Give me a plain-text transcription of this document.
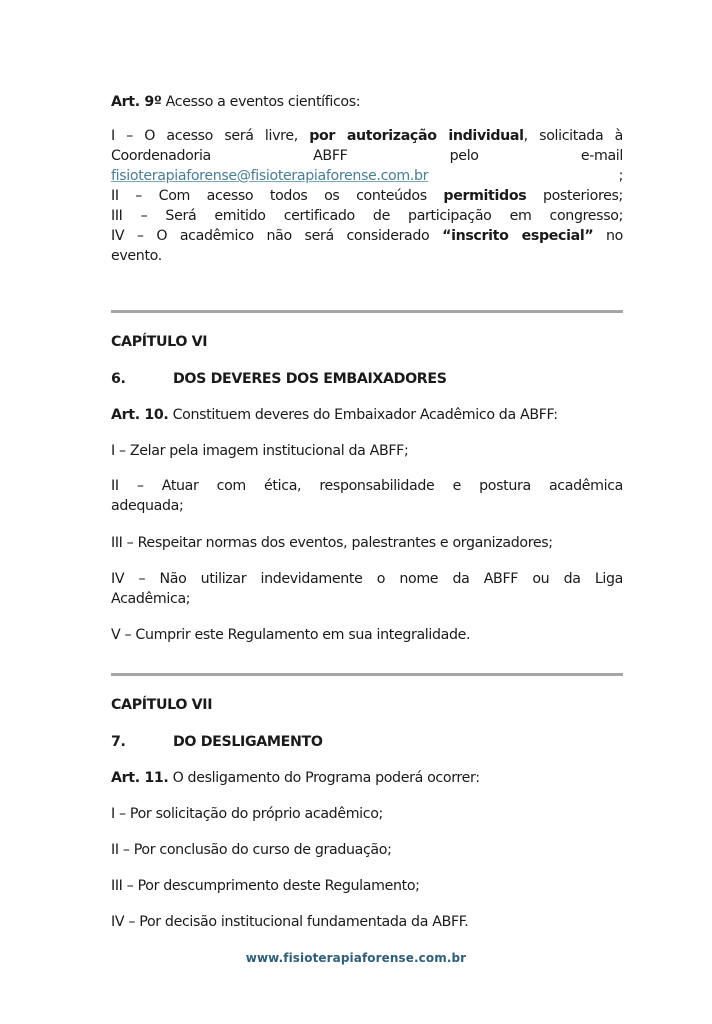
Art. 9º Acesso a eventos científicos:

I – O acesso será livre, por autorização individual, solicitada à

Coordenadoria	ABFF	pelo	e-mail
fisioterapiaforense@fisioterapiaforense.com.br	;

II – Com acesso todos os conteúdos permitidos posteriores;

III – Será emitido certificado de participação em congresso;

IV – O acadêmico não será considerado “inscrito especial” no

evento.

CAPÍTULO VI

6.	DOS DEVERES DOS EMBAIXADORES

Art. 10. Constituem deveres do Embaixador Acadêmico da ABFF:

I – Zelar pela imagem institucional da ABFF;

II – Atuar com ética, responsabilidade e postura acadêmica

adequada;

III – Respeitar normas dos eventos, palestrantes e organizadores;

IV – Não utilizar indevidamente o nome da ABFF ou da Liga

Acadêmica;

V – Cumprir este Regulamento em sua integralidade.

CAPÍTULO VII

7.	DO DESLIGAMENTO

Art. 11. O desligamento do Programa poderá ocorrer:

I – Por solicitação do próprio acadêmico;

II – Por conclusão do curso de graduação;

III – Por descumprimento deste Regulamento;

IV – Por decisão institucional fundamentada da ABFF.

www.fisioterapiaforense.com.br
